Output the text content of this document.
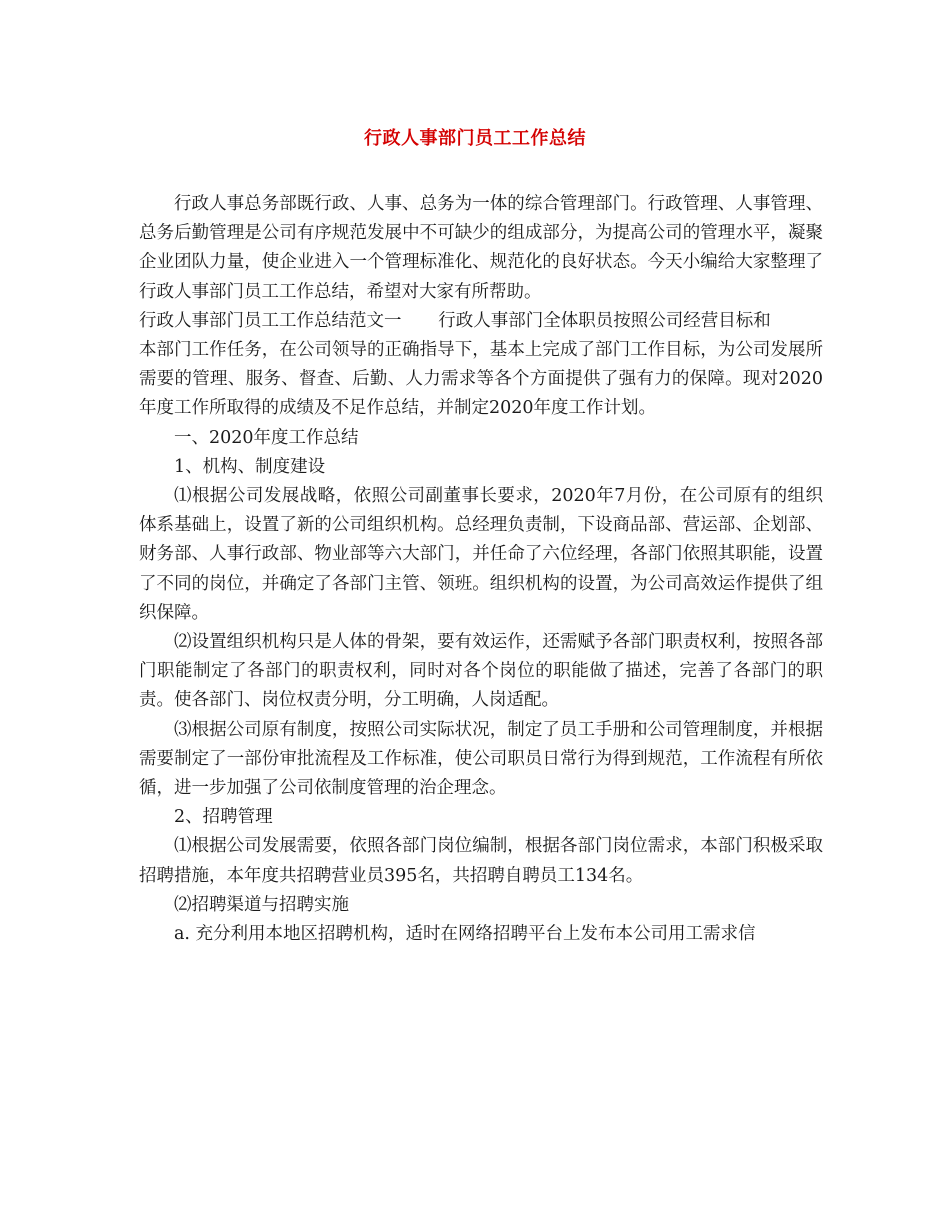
行政人事部门员工工作总结

行政人事总务部既行政、人事、总务为一体的综合管理部门。行政管理、人事管理、总务后勤管理是公司有序规范发展中不可缺少的组成部分，为提高公司的管理水平，凝聚企业团队力量，使企业进入一个管理标准化、规范化的良好状态。今天小编给大家整理了行政人事部门员工工作总结，希望对大家有所帮助。

行政人事部门员工工作总结范文一 行政人事部门全体职员按照公司经营目标和

本部门工作任务，在公司领导的正确指导下，基本上完成了部门工作目标，为公司发展所需要的管理、服务、督查、后勤、人力需求等各个方面提供了强有力的保障。现对2020年度工作所取得的成绩及不足作总结，并制定2020年度工作计划。

一、2020年度工作总结

1、机构、制度建设

⑴根据公司发展战略，依照公司副董事长要求，2020年7月份，在公司原有的组织体系基础上，设置了新的公司组织机构。总经理负责制，下设商品部、营运部、企划部、财务部、人事行政部、物业部等六大部门，并任命了六位经理，各部门依照其职能，设置了不同的岗位，并确定了各部门主管、领班。组织机构的设置，为公司高效运作提供了组织保障。

⑵设置组织机构只是人体的骨架，要有效运作，还需赋予各部门职责权利，按照各部门职能制定了各部门的职责权利，同时对各个岗位的职能做了描述，完善了各部门的职责。使各部门、岗位权责分明，分工明确，人岗适配。

⑶根据公司原有制度，按照公司实际状况，制定了员工手册和公司管理制度，并根据需要制定了一部份审批流程及工作标准，使公司职员日常行为得到规范，工作流程有所依循，进一步加强了公司依制度管理的治企理念。

2、招聘管理

⑴根据公司发展需要，依照各部门岗位编制，根据各部门岗位需求，本部门积极采取招聘措施，本年度共招聘营业员395名，共招聘自聘员工134名。

⑵招聘渠道与招聘实施

a. 充分利用本地区招聘机构，适时在网络招聘平台上发布本公司用工需求信
